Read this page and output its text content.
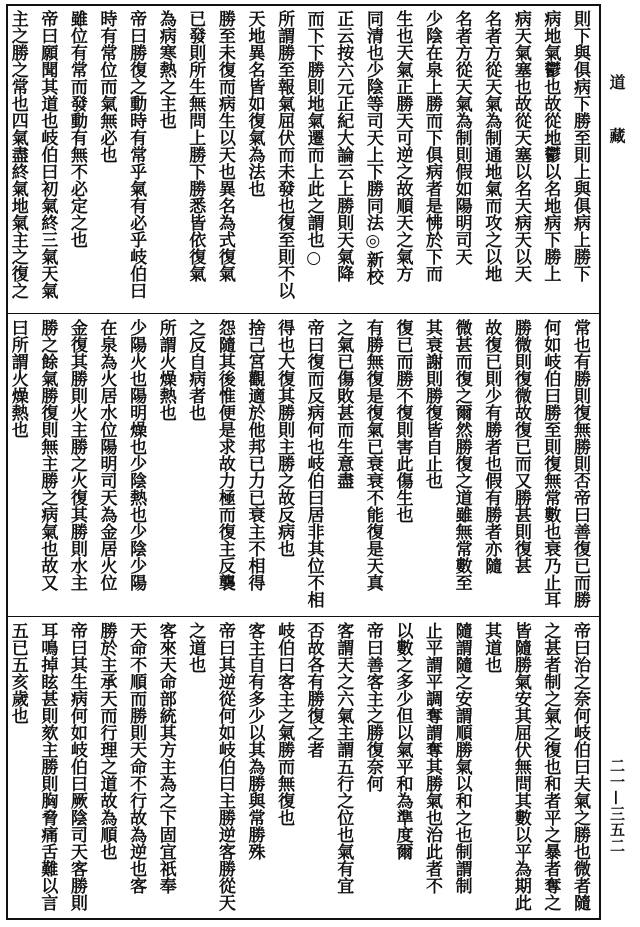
道 藏
二一—三五二
則下與俱病下勝至則上與俱病上勝下
病地氣鬱也故從地鬱以名地病下勝上
病天氣塞也故從天塞以名天病天以天
名者方從天氣為制通地氣而攻之以地
名者方從天氣為制則假如陽明司天
少陰在泉上勝而下俱病者是怫於下而
生也天氣正勝天可逆之故順天之氣方
同清也少陰等司天上下勝同法◎新校
正云按六元正紀大論云上勝則天氣降
而下下勝則地氣遷而上此之謂也○
所謂勝至報氣屈伏而未發也復至則不以
天地異名皆如復氣為法也
勝至未復而病生以天也異名為式復氣
已發則所生無問上勝下勝悉皆依復氣
為病寒熱之主也
帝曰勝復之動時有常乎氣有必乎岐伯曰
時有常位而氣無必也
雖位有常而發動有無不必定之也
帝曰願聞其道也岐伯曰初氣終三氣天氣
主之勝之常也四氣盡終氣地氣主之復之
常也有勝則復無勝則否帝曰善復已而勝
何如岐伯曰勝至則復無常數也衰乃止耳
勝微則復微故復已而又勝甚則復甚
故復已則少有勝者也假有勝者亦隨
微甚而復之爾然勝復之道雖無常數至
其衰謝則勝復皆自止也
復已而勝不復則害此傷生也
有勝無復是復氣已衰衰不能復是天真
之氣已傷敗甚而生意盡
帝曰復而反病何也岐伯曰居非其位不相
得也大復其勝則主勝之故反病也
捨己宮觀適於他邦已力已衰主不相得
怨隨其後惟便是求故力極而復主反襲
之反自病者也
所謂火燥熱也
少陽火也陽明燥也少陰熱也少陰少陽
在泉為火居水位陽明司天為金居火位
金復其勝則火主勝之火復其勝則水主
勝之餘氣勝復則無主勝之病氣也故又
曰所謂火燥熱也
帝曰治之奈何岐伯曰夫氣之勝也微者隨
之甚者制之氣之復也和者平之暴者奪之
皆隨勝氣安其屈伏無問其數以平為期此
其道也
隨謂隨之安謂順勝氣以和之也制謂制
止平謂平調奪謂奪其勝氣也治此者不
以數之多少但以氣平和為準度爾
帝曰善客主之勝復奈何
客謂天之六氣主謂五行之位也氣有宜
否故各有勝復之者
岐伯曰客主之氣勝而無復也
客主自有多少以其為勝與常勝殊
帝曰其逆從何如岐伯曰主勝逆客勝從天
之道也
客來天命部統其方主為之下固宜祇奉
天命不順而勝則天命不行故為逆也客
勝於主承天而行理之道故為順也
帝曰其生病何如岐伯曰厥陰司天客勝則
耳鳴掉眩甚則欬主勝則胸脅痛舌難以言
五已五亥歲也
